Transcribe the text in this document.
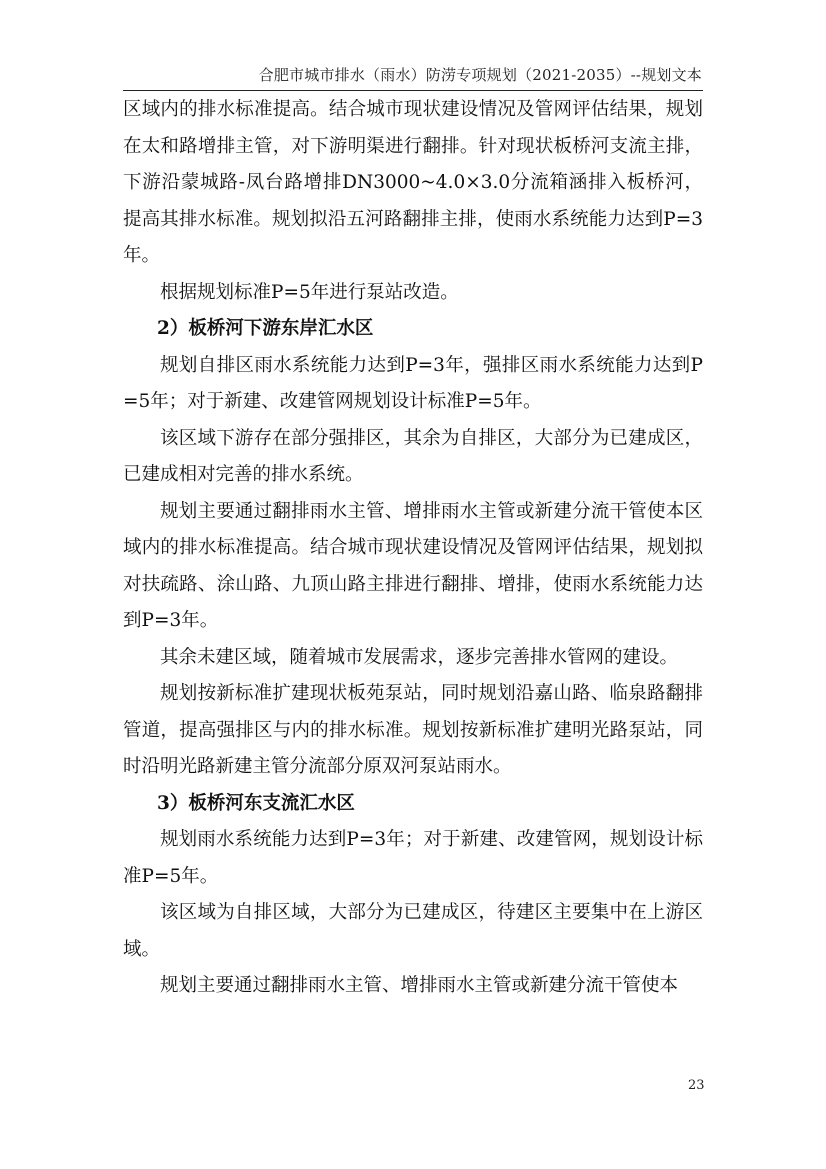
合肥市城市排水（雨水）防涝专项规划（2021-2035）--规划文本

区域内的排水标准提高。结合城市现状建设情况及管网评估结果，规划在太和路增排主管，对下游明渠进行翻排。针对现状板桥河支流主排，下游沿蒙城路-凤台路增排DN3000~4.0×3.0分流箱涵排入板桥河，提高其排水标准。规划拟沿五河路翻排主排，使雨水系统能力达到P=3年。

根据规划标准P=5年进行泵站改造。

2）板桥河下游东岸汇水区

规划自排区雨水系统能力达到P=3年，强排区雨水系统能力达到P=5年；对于新建、改建管网规划设计标准P=5年。

该区域下游存在部分强排区，其余为自排区，大部分为已建成区，已建成相对完善的排水系统。

规划主要通过翻排雨水主管、增排雨水主管或新建分流干管使本区域内的排水标准提高。结合城市现状建设情况及管网评估结果，规划拟对扶疏路、涂山路、九顶山路主排进行翻排、增排，使雨水系统能力达到P=3年。

其余未建区域，随着城市发展需求，逐步完善排水管网的建设。

规划按新标准扩建现状板苑泵站，同时规划沿嘉山路、临泉路翻排管道，提高强排区与内的排水标准。规划按新标准扩建明光路泵站，同时沿明光路新建主管分流部分原双河泵站雨水。

3）板桥河东支流汇水区

规划雨水系统能力达到P=3年；对于新建、改建管网，规划设计标准P=5年。

该区域为自排区域，大部分为已建成区，待建区主要集中在上游区域。

规划主要通过翻排雨水主管、增排雨水主管或新建分流干管使本

23
